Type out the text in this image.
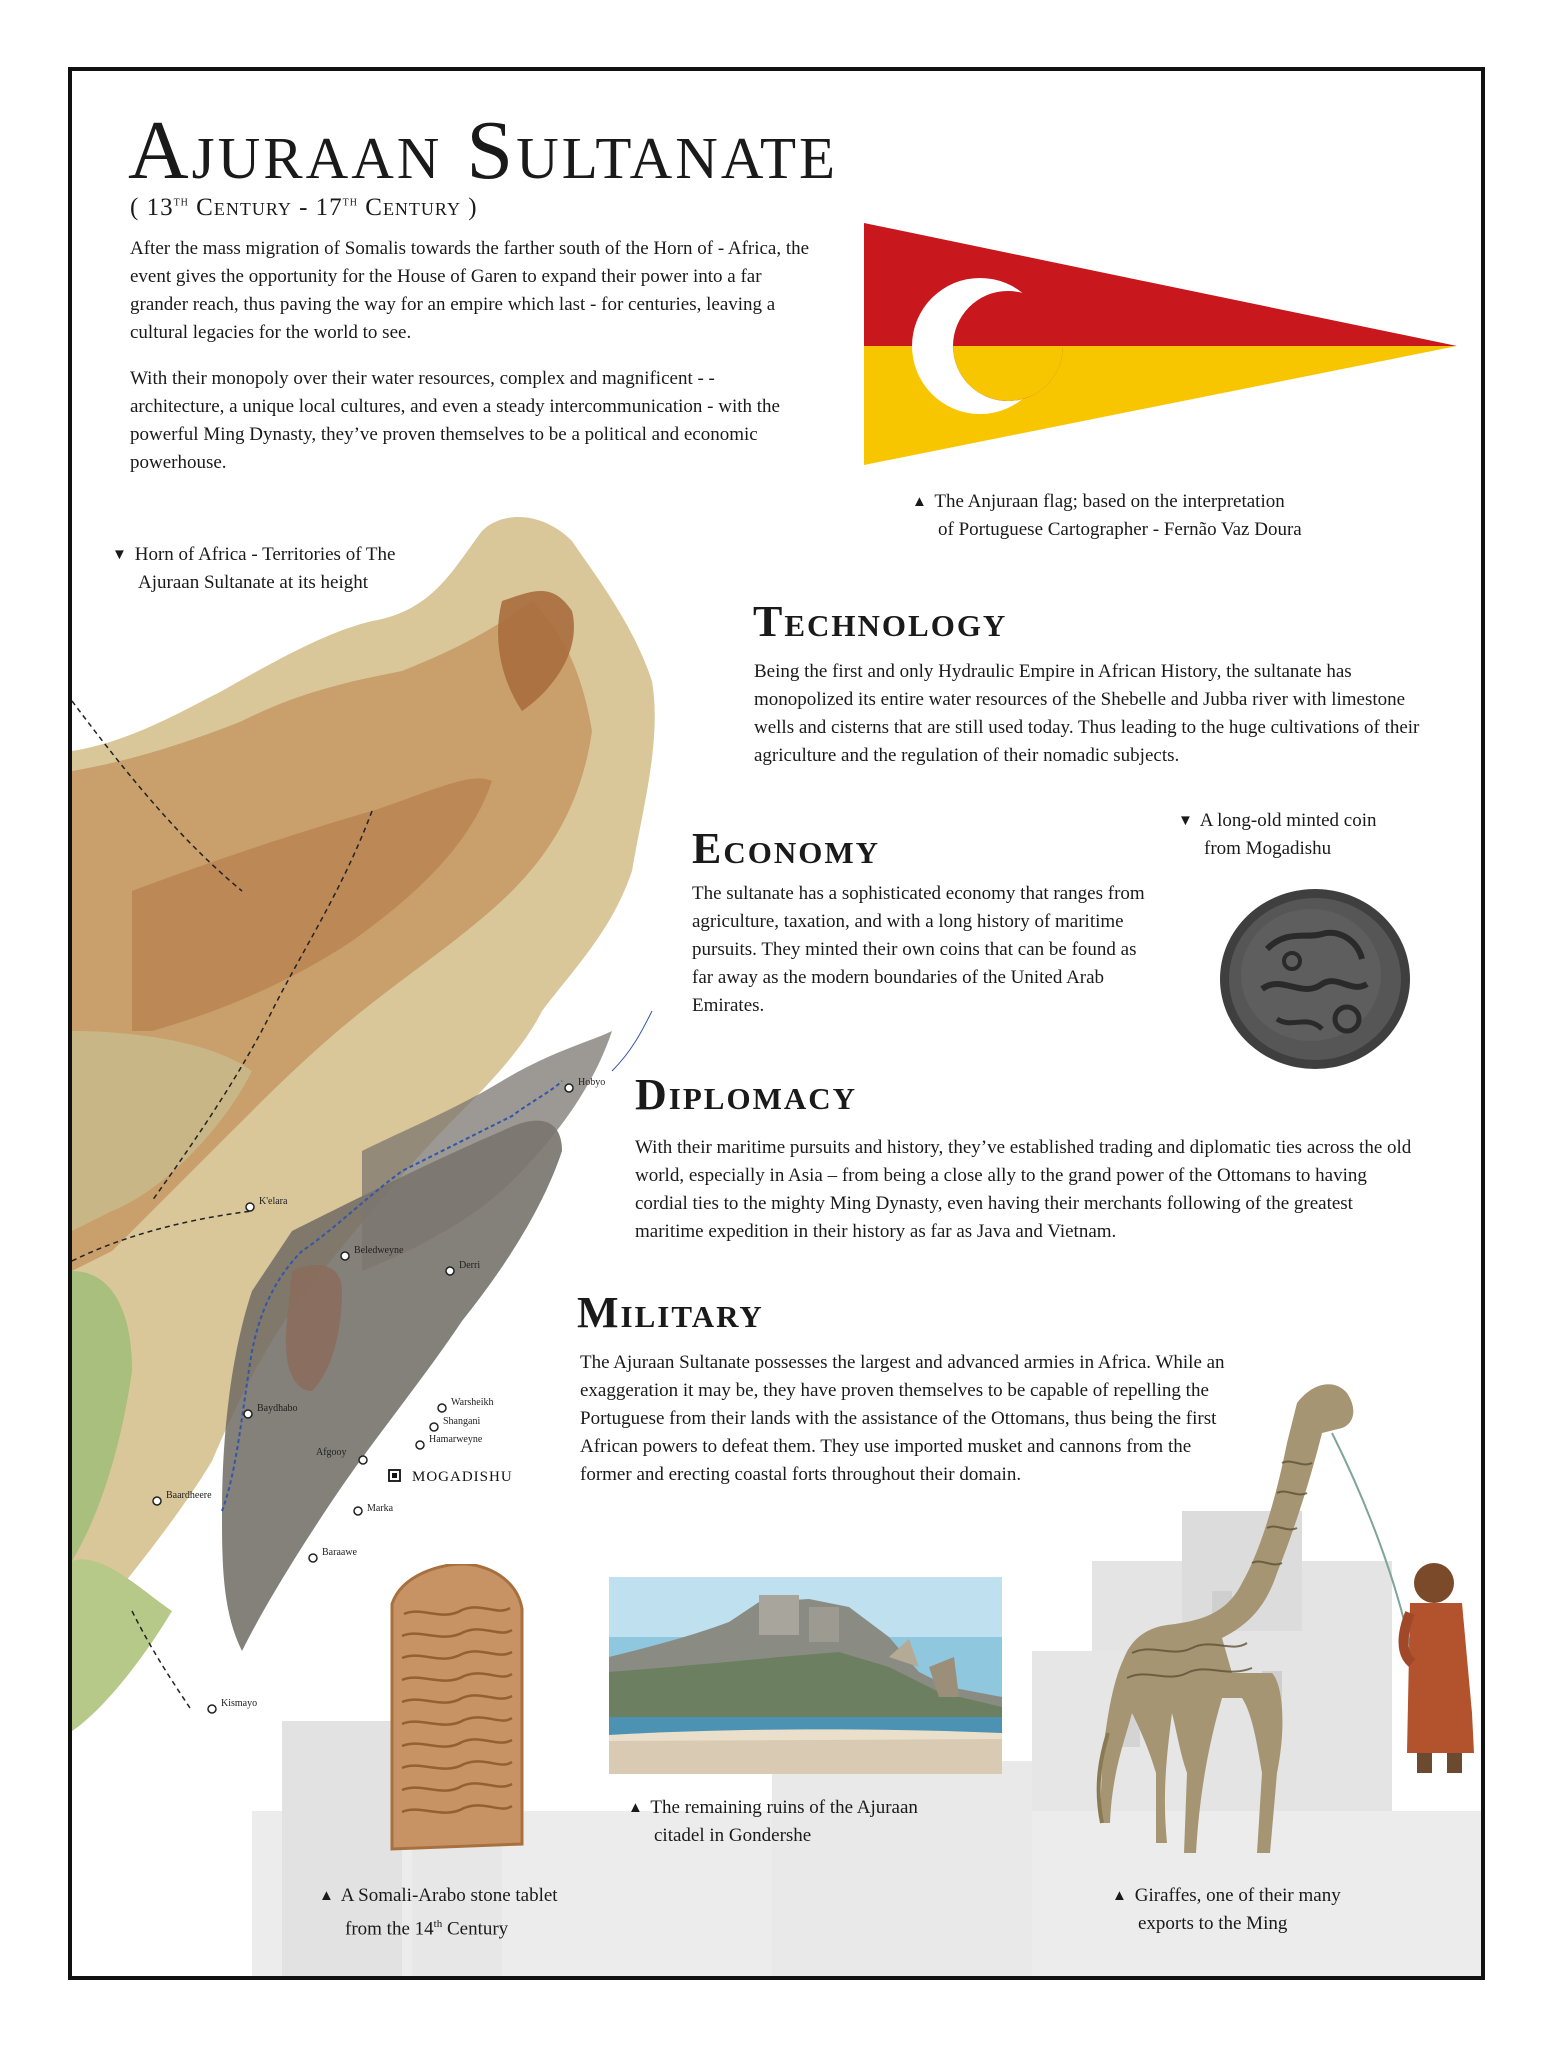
Hobyo
K'elara
Beledweyne
Derri
Baydhabo
Warsheikh
Shangani
Hamarweyne
Afgooy
MOGADISHU
Baardheere
Marka
Baraawe
Kismayo
Ajuraan Sultanate
( 13th Century - 17th Century )

After the mass migration of Somalis towards the farther south of the Horn of - Africa, the event gives the opportunity for the House of Garen to expand their power into a far grander reach, thus paving the way for an empire which last - for centuries, leaving a cultural legacies for the world to see.

With their monopoly over their water resources, complex and magnificent - - architecture, a unique local cultures, and even a steady intercommunication - with the powerful Ming Dynasty, they’ve proven themselves to be a political and economic powerhouse.

▲ The Anjuraan flag; based on the interpretation
of Portuguese Cartographer - Fernão Vaz Doura
▼ Horn of Africa - Territories of The
Ajuraan Sultanate at its height
Technology

Being the first and only Hydraulic Empire in African History, the sultanate has monopolized its entire water resources of the Shebelle and Jubba river with limestone wells and cisterns that are still used today. Thus leading to the huge cultivations of their agriculture and the regulation of their nomadic subjects.

▼ A long-old minted coin
from Mogadishu
Economy

The sultanate has a sophisticated economy that ranges from agriculture, taxation, and with a long history of maritime pursuits. They minted their own coins that can be found as far away as the modern boundaries of the United Arab Emirates.

Diplomacy

With their maritime pursuits and history, they’ve established trading and diplomatic ties across the old world, especially in Asia – from being a close ally to the grand power of the Ottomans to having cordial ties to the mighty Ming Dynasty, even having their merchants following of the greatest maritime expedition in their history as far as Java and Vietnam.

Military

The Ajuraan Sultanate possesses the largest and advanced armies in Africa. While an exaggeration it may be, they have proven themselves to be capable of repelling the Portuguese from their lands with the assistance of the Ottomans, thus being the first African powers to defeat them. They use imported musket and cannons from the former and erecting coastal forts throughout their domain.

▲ A Somali-Arabo stone tablet
from the 14th Century
▲ The remaining ruins of the Ajuraan
citadel in Gondershe
▲ Giraffes, one of their many
exports to the Ming
